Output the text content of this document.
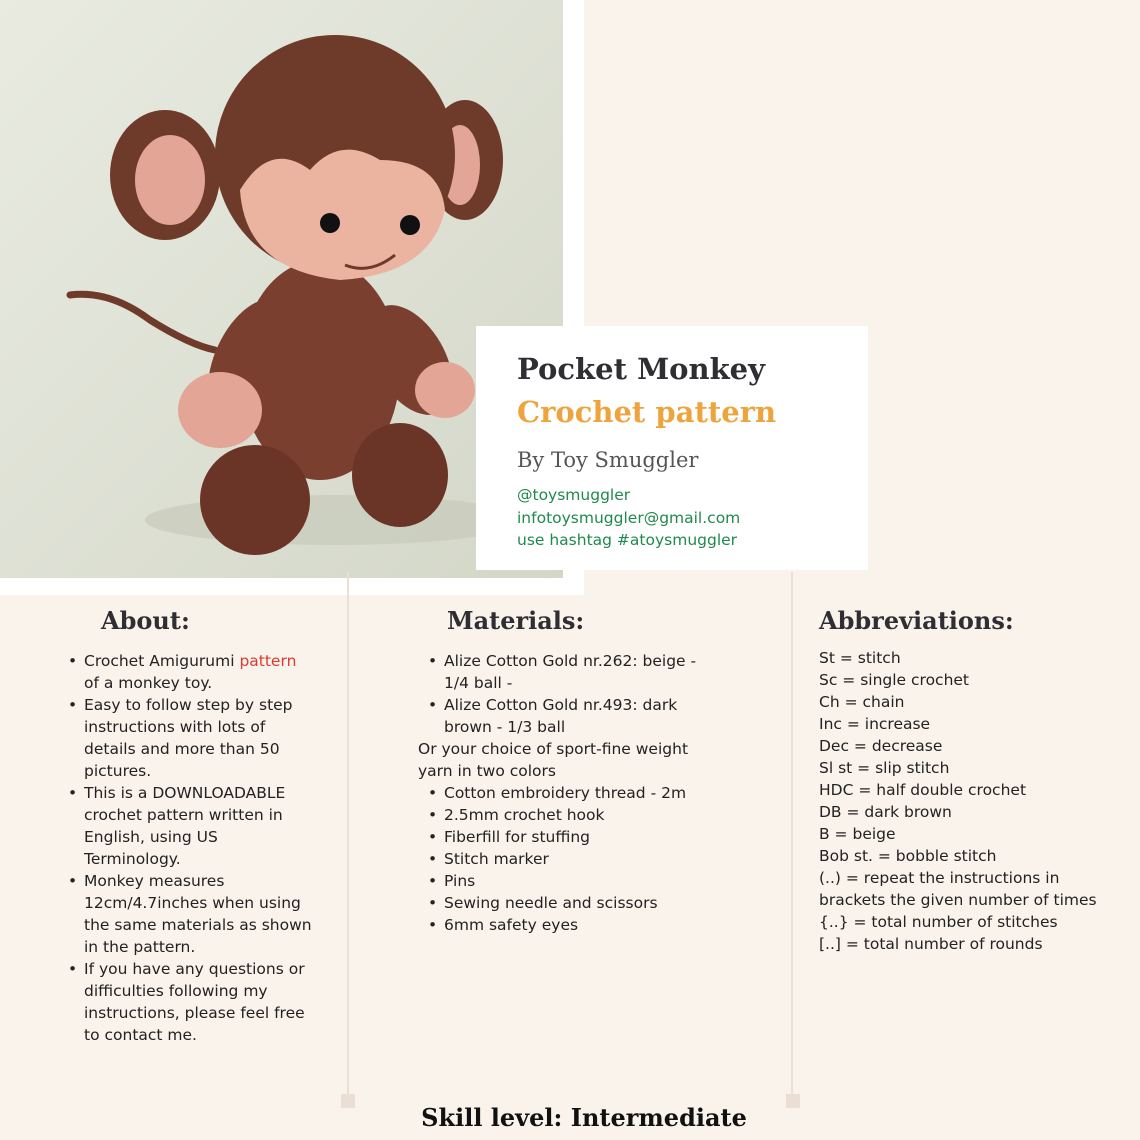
Pocket Monkey
Crochet pattern
By Toy Smuggler
@toysmuggler
infotoysmuggler@gmail.com
use hashtag #atoysmuggler
About:
• Crochet Amigurumi pattern of a monkey toy.
• Easy to follow step by step instructions with lots of details and more than 50 pictures.
• This is a DOWNLOADABLE crochet pattern written in English, using US Terminology.
• Monkey measures 12cm/4.7inches when using the same materials as shown in the pattern.
• If you have any questions or difficulties following my instructions, please feel free to contact me.
Materials:
• Alize Cotton Gold nr.262: beige - 1/4 ball -
• Alize Cotton Gold nr.493: dark brown - 1/3 ball
Or your choice of sport-fine weight yarn in two colors
• Cotton embroidery thread - 2m
• 2.5mm crochet hook
• Fiberfill for stuffing
• Stitch marker
• Pins
• Sewing needle and scissors
• 6mm safety eyes
Abbreviations:
St = stitch
Sc = single crochet
Ch = chain
Inc = increase
Dec = decrease
Sl st = slip stitch
HDC = half double crochet
DB = dark brown
B = beige
Bob st. = bobble stitch
(..) = repeat the instructions in brackets the given number of times
{..} = total number of stitches
[..] = total number of rounds
Skill level: Intermediate
